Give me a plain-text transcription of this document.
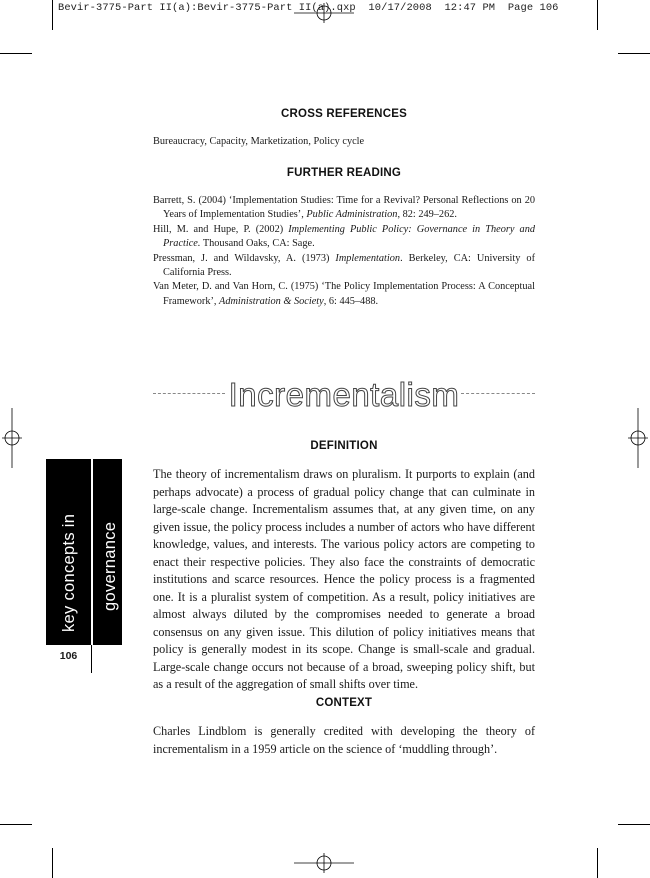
Bevir-3775-Part II(a):Bevir-3775-Part II(a).qxp  10/17/2008  12:47 PM  Page 106
CROSS REFERENCES
Bureaucracy, Capacity, Marketization, Policy cycle
FURTHER READING
Barrett, S. (2004) ‘Implementation Studies: Time for a Revival? Personal Reflections on 20 Years of Implementation Studies’, Public Administration, 82: 249–262.
Hill, M. and Hupe, P. (2002) Implementing Public Policy: Governance in Theory and Practice. Thousand Oaks, CA: Sage.
Pressman, J. and Wildavsky, A. (1973) Implementation. Berkeley, CA: University of California Press.
Van Meter, D. and Van Horn, C. (1975) ‘The Policy Implementation Process: A Conceptual Framework’, Administration & Society, 6: 445–488.
Incrementalism
DEFINITION
The theory of incrementalism draws on pluralism. It purports to explain (and perhaps advocate) a process of gradual policy change that can culminate in large-scale change. Incrementalism assumes that, at any given time, on any given issue, the policy process includes a number of actors who have different knowledge, values, and interests. The various policy actors are competing to enact their respective policies. They also face the constraints of democratic institutions and scarce resources. Hence the policy process is a fragmented one. It is a pluralist system of competition. As a result, policy initiatives are almost always diluted by the compromises needed to generate a broad consensus on any given issue. This dilution of policy initiatives means that policy is generally modest in its scope. Change is small-scale and gradual. Large-scale change occurs not because of a broad, sweeping policy shift, but as a result of the aggregation of small shifts over time.
CONTEXT
Charles Lindblom is generally credited with developing the theory of incrementalism in a 1959 article on the science of ‘muddling through’.
key concepts in governance
106
